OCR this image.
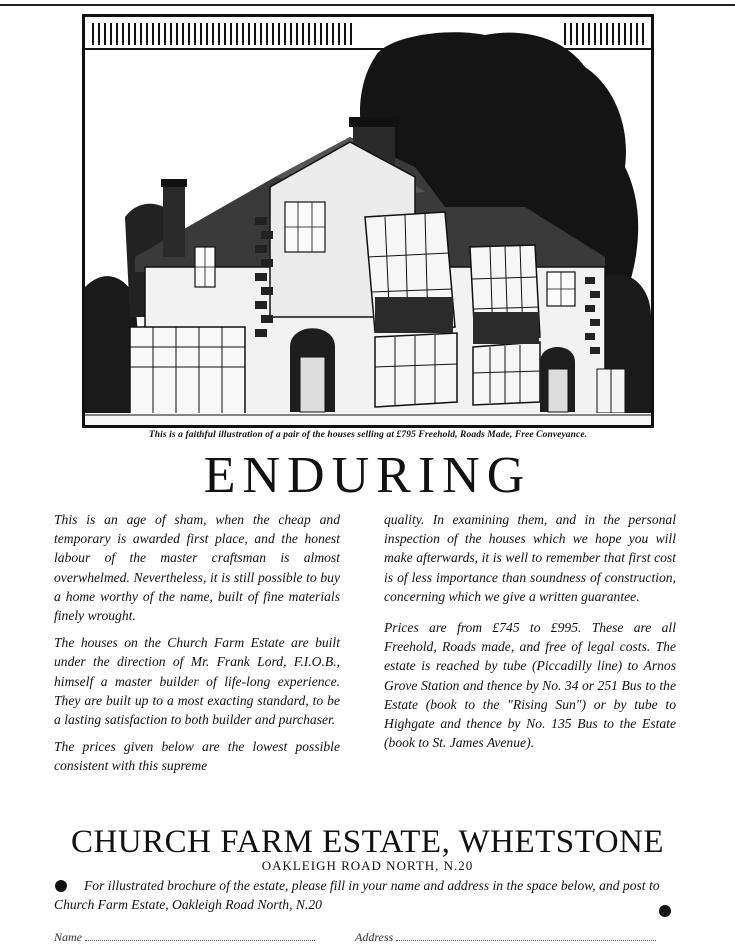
This is a faithful illustration of a pair of the houses selling at £795 Freehold, Roads Made, Free Conveyance.
ENDURING

This is an age of sham, when the cheap and temporary is awarded first place, and the honest labour of the master craftsman is almost overwhelmed. Nevertheless, it is still possible to buy a home worthy of the name, built of fine materials finely wrought.

The houses on the Church Farm Estate are built under the direction of Mr. Frank Lord, F.I.O.B., himself a master builder of life-long experience. They are built up to a most exacting standard, to be a lasting satisfaction to both builder and purchaser.

The prices given below are the lowest possible consistent with this supreme

quality. In examining them, and in the personal inspection of the houses which we hope you will make afterwards, it is well to remember that first cost is of less importance than soundness of construction, concerning which we give a written guarantee.

Prices are from £745 to £995. These are all Freehold, Roads made, and free of legal costs. The estate is reached by tube (Piccadilly line) to Arnos Grove Station and thence by No. 34 or 251 Bus to the Estate (book to the "Rising Sun") or by tube to Highgate and thence by No. 135 Bus to the Estate (book to St. James Avenue).

CHURCH FARM ESTATE, WHETSTONE
OAKLEIGH ROAD NORTH, N.20
For illustrated brochure of the estate, please fill in your name and address in the space below, and post to Church Farm Estate, Oakleigh Road North, N.20
Name	Address
